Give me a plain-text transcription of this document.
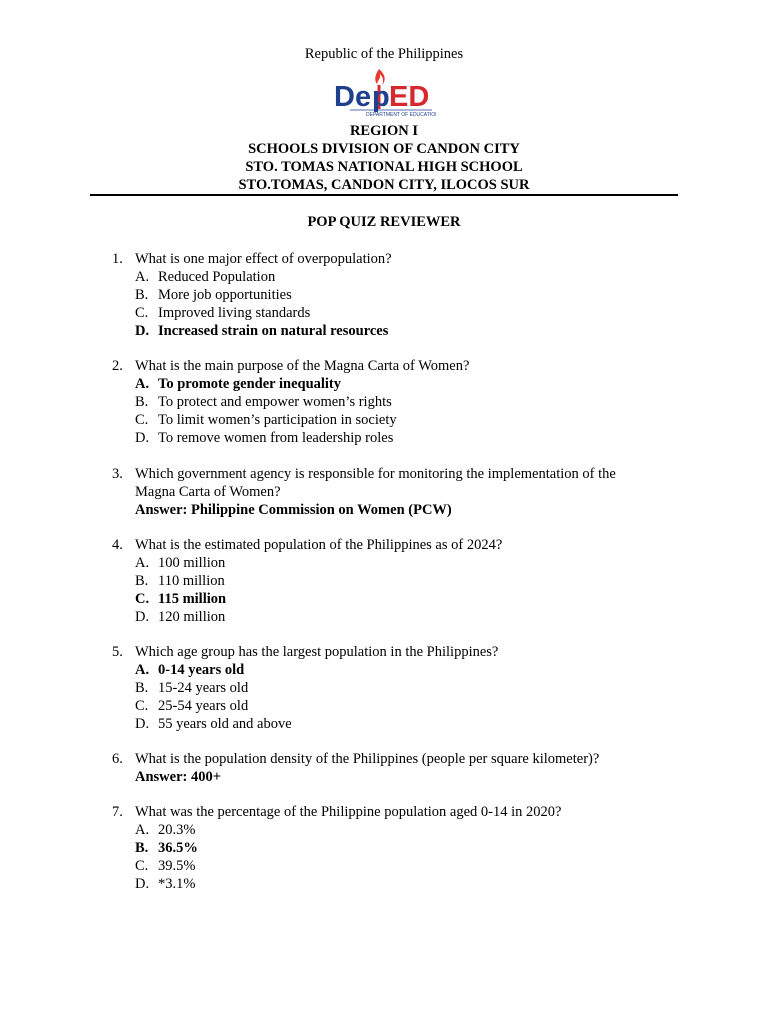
Republic of the Philippines
De p ED
DEPARTMENT OF EDUCATION
REGION I
SCHOOLS DIVISION OF CANDON CITY
STO. TOMAS NATIONAL HIGH SCHOOL
STO.TOMAS, CANDON CITY, ILOCOS SUR
POP QUIZ REVIEWER
1. What is one major effect of overpopulation?
A. Reduced Population
B. More job opportunities
C. Improved living standards
D. Increased strain on natural resources
2. What is the main purpose of the Magna Carta of Women?
A. To promote gender inequality
B. To protect and empower women’s rights
C. To limit women’s participation in society
D. To remove women from leadership roles
3. Which government agency is responsible for monitoring the implementation of the
Magna Carta of Women?
Answer: Philippine Commission on Women (PCW)
4. What is the estimated population of the Philippines as of 2024?
A. 100 million
B. 110 million
C. 115 million
D. 120 million
5. Which age group has the largest population in the Philippines?
A. 0-14 years old
B. 15-24 years old
C. 25-54 years old
D. 55 years old and above
6. What is the population density of the Philippines (people per square kilometer)?
Answer: 400+
7. What was the percentage of the Philippine population aged 0-14 in 2020?
A. 20.3%
B. 36.5%
C. 39.5%
D. *3.1%
